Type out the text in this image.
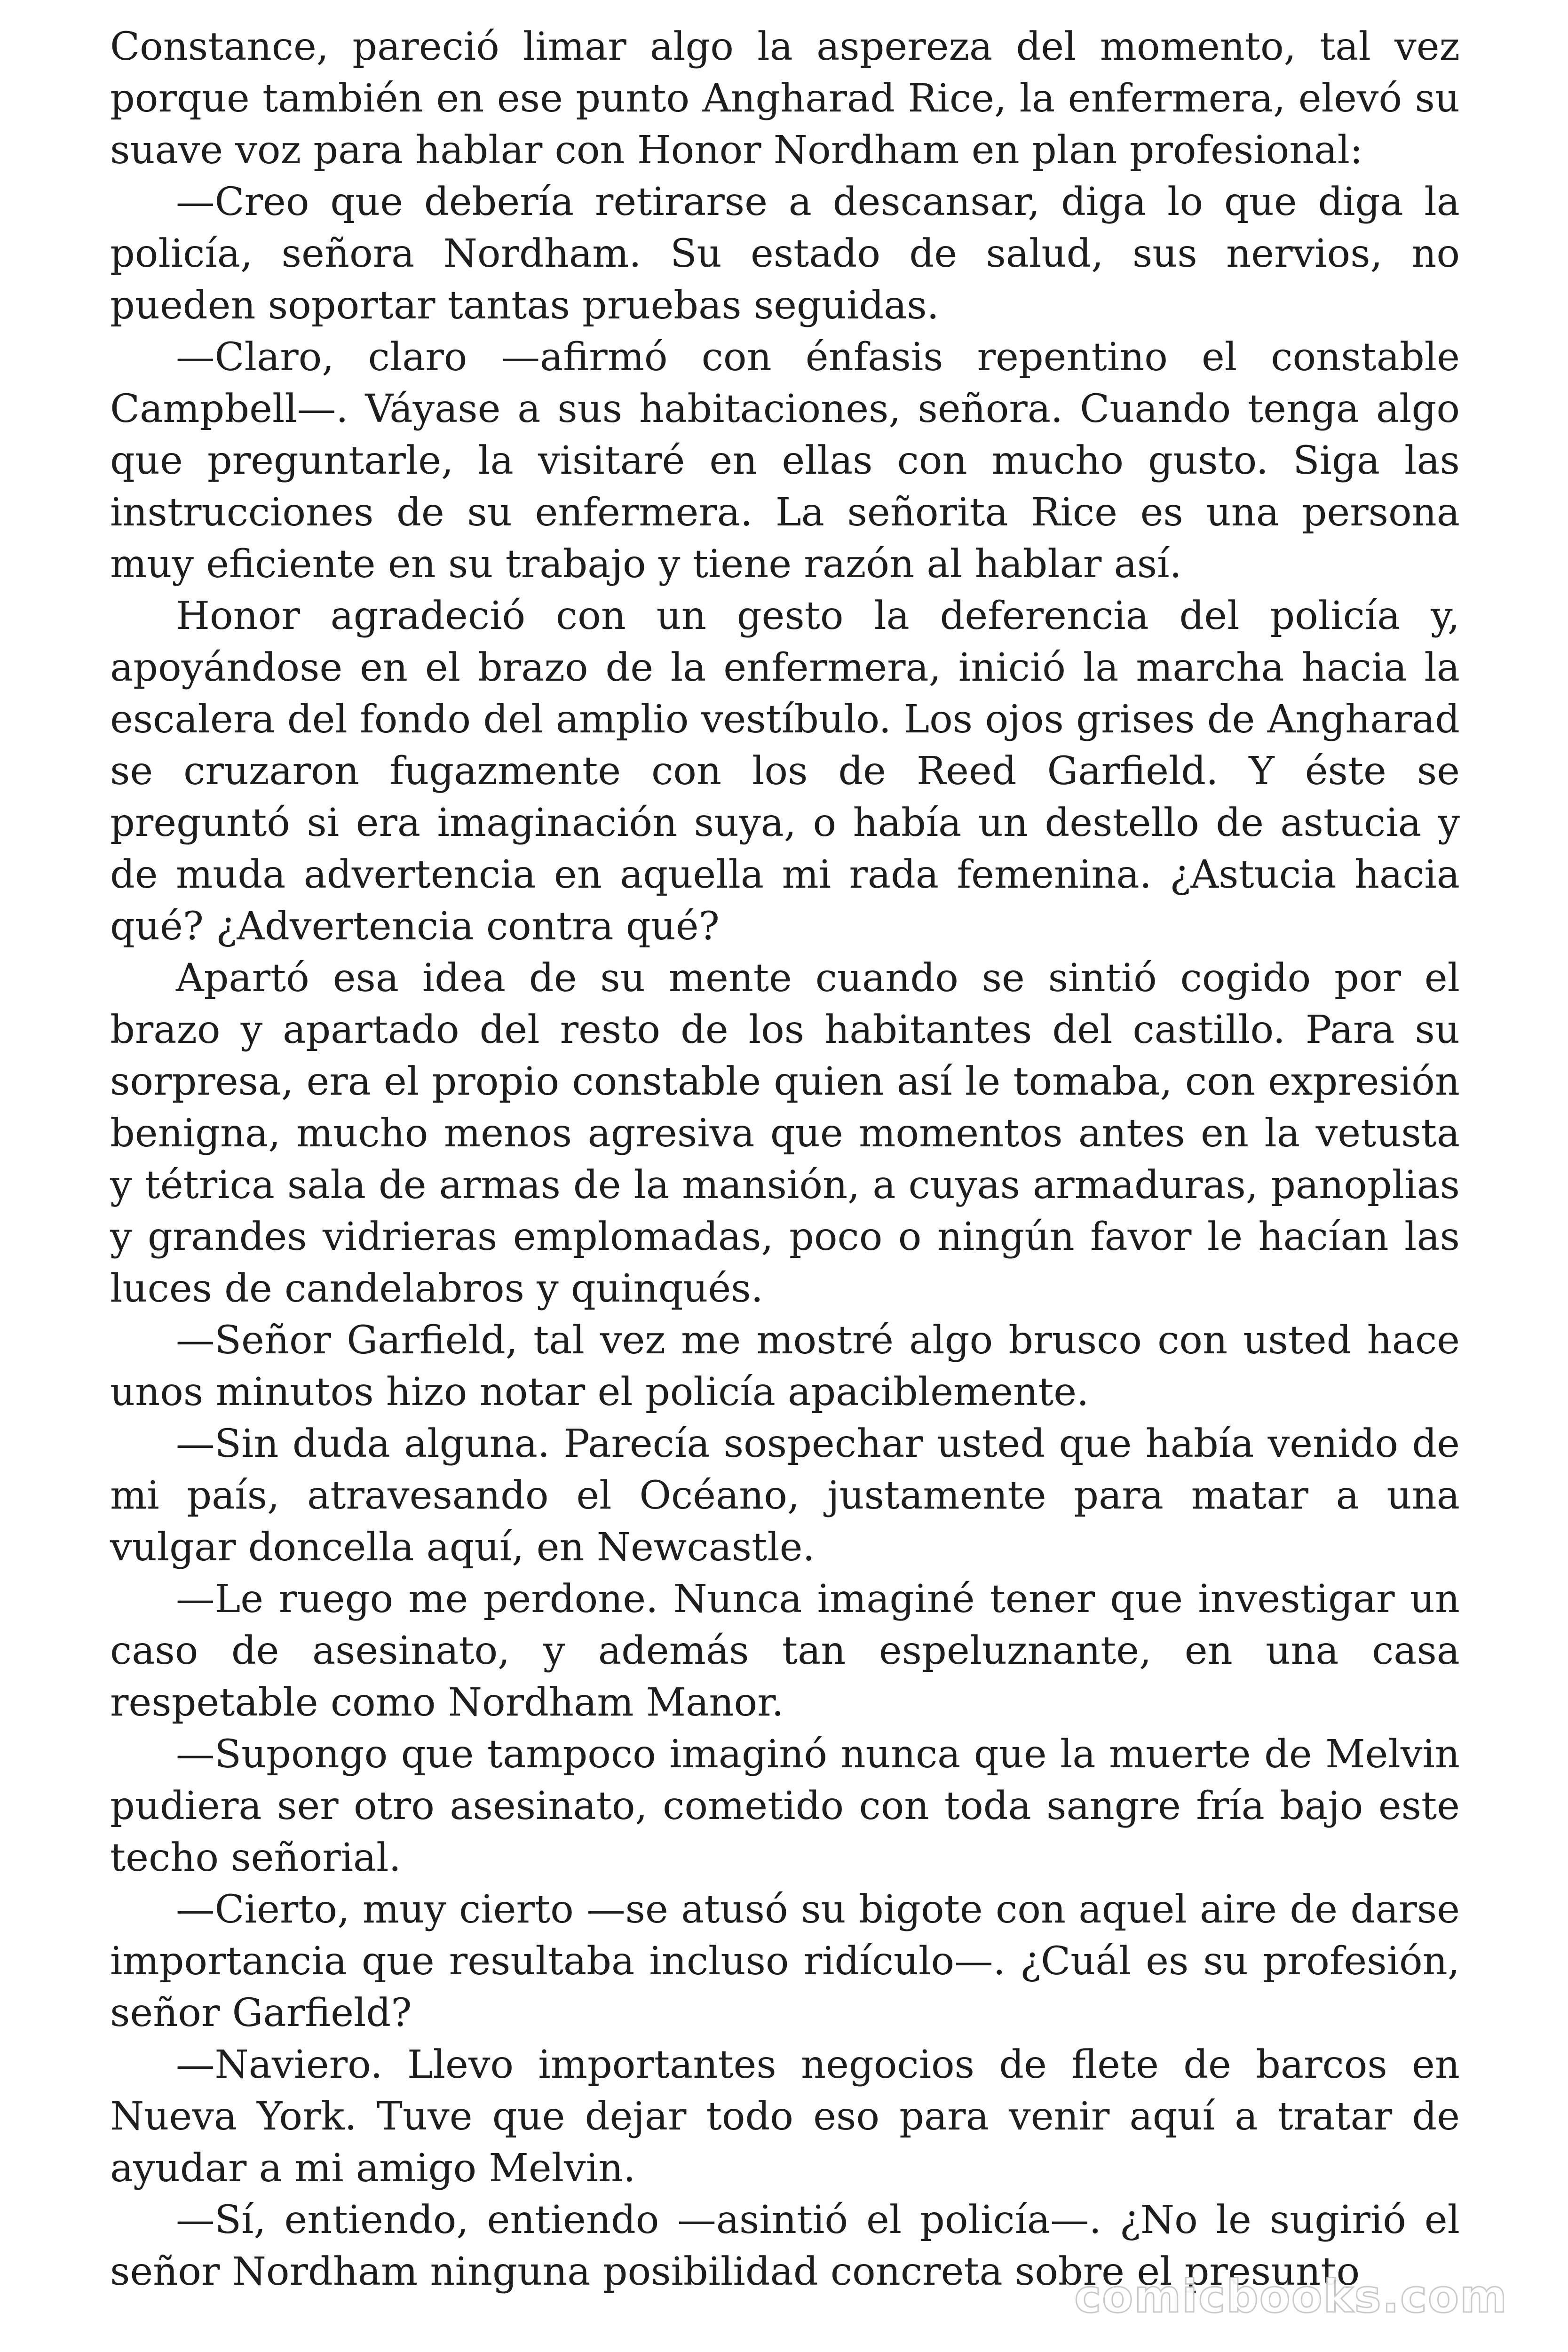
Constance, pareció limar algo la aspereza del momento, tal vez porque también en ese punto Angharad Rice, la enfermera, elevó su suave voz para hablar con Honor Nordham en plan profesional:

—Creo que debería retirarse a descansar, diga lo que diga la policía, señora Nordham. Su estado de salud, sus nervios, no pueden soportar tantas pruebas seguidas.

—Claro, claro —afirmó con énfasis repentino el constable Campbell—. Váyase a sus habitaciones, señora. Cuando tenga algo que preguntarle, la visitaré en ellas con mucho gusto. Siga las instrucciones de su enfermera. La señorita Rice es una persona muy eficiente en su trabajo y tiene razón al hablar así.

Honor agradeció con un gesto la deferencia del policía y, apoyándose en el brazo de la enfermera, inició la marcha hacia la escalera del fondo del amplio vestíbulo. Los ojos grises de Angharad se cruzaron fugazmente con los de Reed Garfield. Y éste se preguntó si era imaginación suya, o había un destello de astucia y de muda advertencia en aquella mi rada femenina. ¿Astucia hacia qué? ¿Advertencia contra qué?

Apartó esa idea de su mente cuando se sintió cogido por el brazo y apartado del resto de los habitantes del castillo. Para su sorpresa, era el propio constable quien así le tomaba, con expresión benigna, mucho menos agresiva que momentos antes en la vetusta y tétrica sala de armas de la mansión, a cuyas armaduras, panoplias y grandes vidrieras emplomadas, poco o ningún favor le hacían las luces de candelabros y quinqués.

—Señor Garfield, tal vez me mostré algo brusco con usted hace unos minutos hizo notar el policía apaciblemente.

—Sin duda alguna. Parecía sospechar usted que había venido de mi país, atravesando el Océano, justamente para matar a una vulgar doncella aquí, en Newcastle.

—Le ruego me perdone. Nunca imaginé tener que investigar un caso de asesinato, y además tan espeluznante, en una casa respetable como Nordham Manor.

—Supongo que tampoco imaginó nunca que la muerte de Melvin pudiera ser otro asesinato, cometido con toda sangre fría bajo este techo señorial.

—Cierto, muy cierto —se atusó su bigote con aquel aire de darse importancia que resultaba incluso ridículo—. ¿Cuál es su profesión, señor Garfield?

—Naviero. Llevo importantes negocios de flete de barcos en Nueva York. Tuve que dejar todo eso para venir aquí a tratar de ayudar a mi amigo Melvin.

—Sí, entiendo, entiendo —asintió el policía—. ¿No le sugirió el señor Nordham ninguna posibilidad concreta sobre el presunto

comicbooks.com
